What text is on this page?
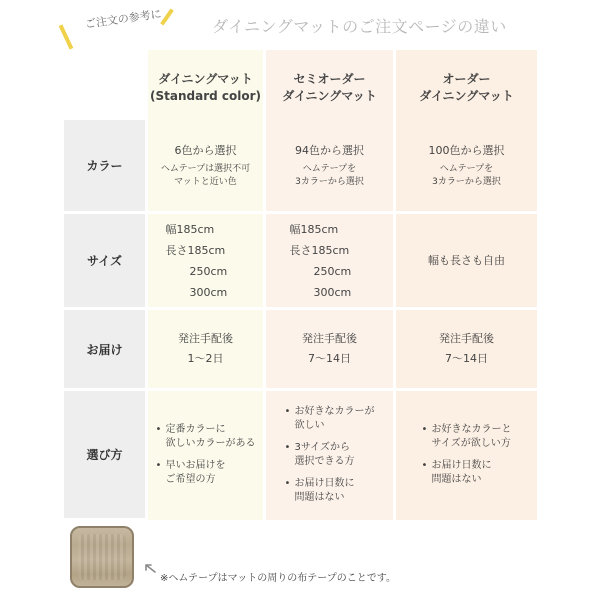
ご注文の参考に	ダイニングマットのご注文ページの違い
ダイニングマット
(Standard color)
セミオーダー
ダイニングマット
オーダー
ダイニングマット
カラー
サイズ
お届け
選び方
6色から選択
ヘムテープは選択不可
マットと近い色
94色から選択
ヘムテープを
3カラーから選択
100色から選択
ヘムテープを
3カラーから選択
幅185cm
長さ185cm
250cm
300cm
幅185cm
長さ185cm
250cm
300cm
幅も長さも自由
発注手配後
1〜2日
発注手配後
7〜14日
発注手配後
7〜14日
• 定番カラーに
欲しいカラーがある
• 早いお届けを
ご希望の方
• お好きなカラーが
欲しい
• 3サイズから
選択できる方
• お届け日数に
問題はない
• お好きなカラーと
サイズが欲しい方
• お届け日数に
問題はない
※ヘムテープはマットの周りの布テープのことです。
